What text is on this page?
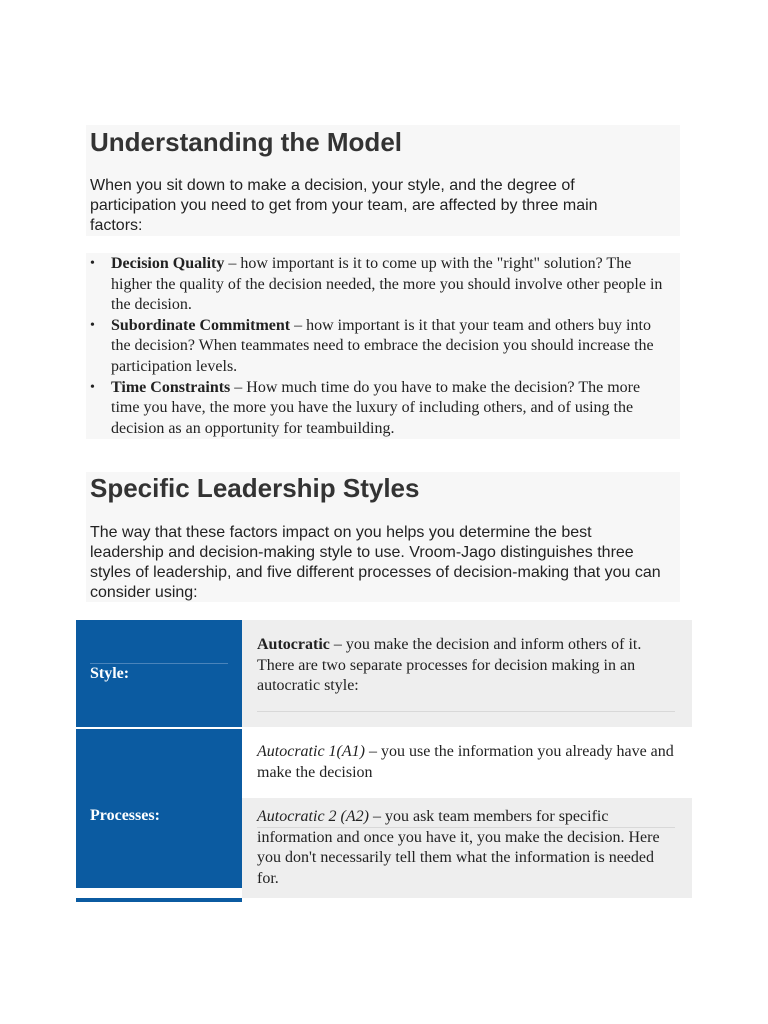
Understanding the Model

When you sit down to make a decision, your style, and the degree of participation you need to get from your team, are affected by three main factors:

• Decision Quality – how important is it to come up with the "right" solution? The higher the quality of the decision needed, the more you should involve other people in the decision.
• Subordinate Commitment – how important is it that your team and others buy into the decision? When teammates need to embrace the decision you should increase the participation levels.
• Time Constraints – How much time do you have to make the decision? The more time you have, the more you have the luxury of including others, and of using the decision as an opportunity for teambuilding.
Specific Leadership Styles

The way that these factors impact on you helps you determine the best leadership and decision-making style to use. Vroom-Jago distinguishes three styles of leadership, and five different processes of decision-making that you can consider using:

Style:
Autocratic – you make the decision and inform others of it. There are two separate processes for decision making in an autocratic style:
Processes:
Autocratic 1(A1) – you use the information you already have and make the decision
Autocratic 2 (A2) – you ask team members for specific information and once you have it, you make the decision. Here you don't necessarily tell them what the information is needed for.
